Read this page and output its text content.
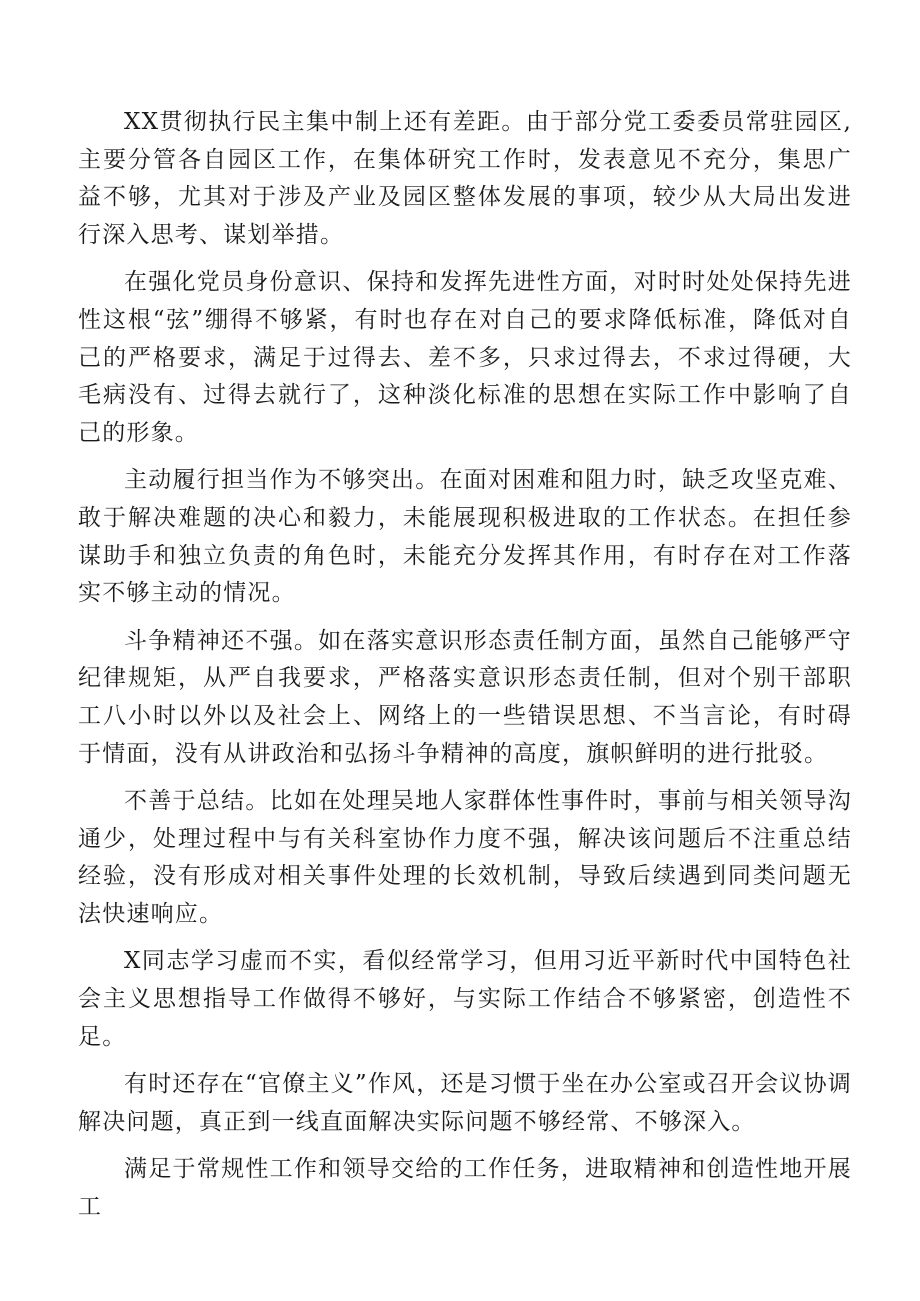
XX贯彻执行民主集中制上还有差距。由于部分党工委委员常驻园区,主要分管各自园区工作，在集体研究工作时，发表意见不充分，集思广益不够，尤其对于涉及产业及园区整体发展的事项，较少从大局出发进行深入思考、谋划举措。

在强化党员身份意识、保持和发挥先进性方面，对时时处处保持先进性这根“弦”绷得不够紧，有时也存在对自己的要求降低标准，降低对自己的严格要求，满足于过得去、差不多，只求过得去，不求过得硬，大毛病没有、过得去就行了，这种淡化标准的思想在实际工作中影响了自己的形象。

主动履行担当作为不够突出。在面对困难和阻力时，缺乏攻坚克难、敢于解决难题的决心和毅力，未能展现积极进取的工作状态。在担任参谋助手和独立负责的角色时，未能充分发挥其作用，有时存在对工作落实不够主动的情况。

斗争精神还不强。如在落实意识形态责任制方面，虽然自己能够严守纪律规矩，从严自我要求，严格落实意识形态责任制，但对个别干部职工八小时以外以及社会上、网络上的一些错误思想、不当言论，有时碍于情面，没有从讲政治和弘扬斗争精神的高度，旗帜鲜明的进行批驳。

不善于总结。比如在处理吴地人家群体性事件时，事前与相关领导沟通少，处理过程中与有关科室协作力度不强，解决该问题后不注重总结经验，没有形成对相关事件处理的长效机制，导致后续遇到同类问题无法快速响应。

X同志学习虚而不实，看似经常学习，但用习近平新时代中国特色社会主义思想指导工作做得不够好，与实际工作结合不够紧密，创造性不足。

有时还存在“官僚主义”作风，还是习惯于坐在办公室或召开会议协调解决问题，真正到一线直面解决实际问题不够经常、不够深入。

满足于常规性工作和领导交给的工作任务，进取精神和创造性地开展工
